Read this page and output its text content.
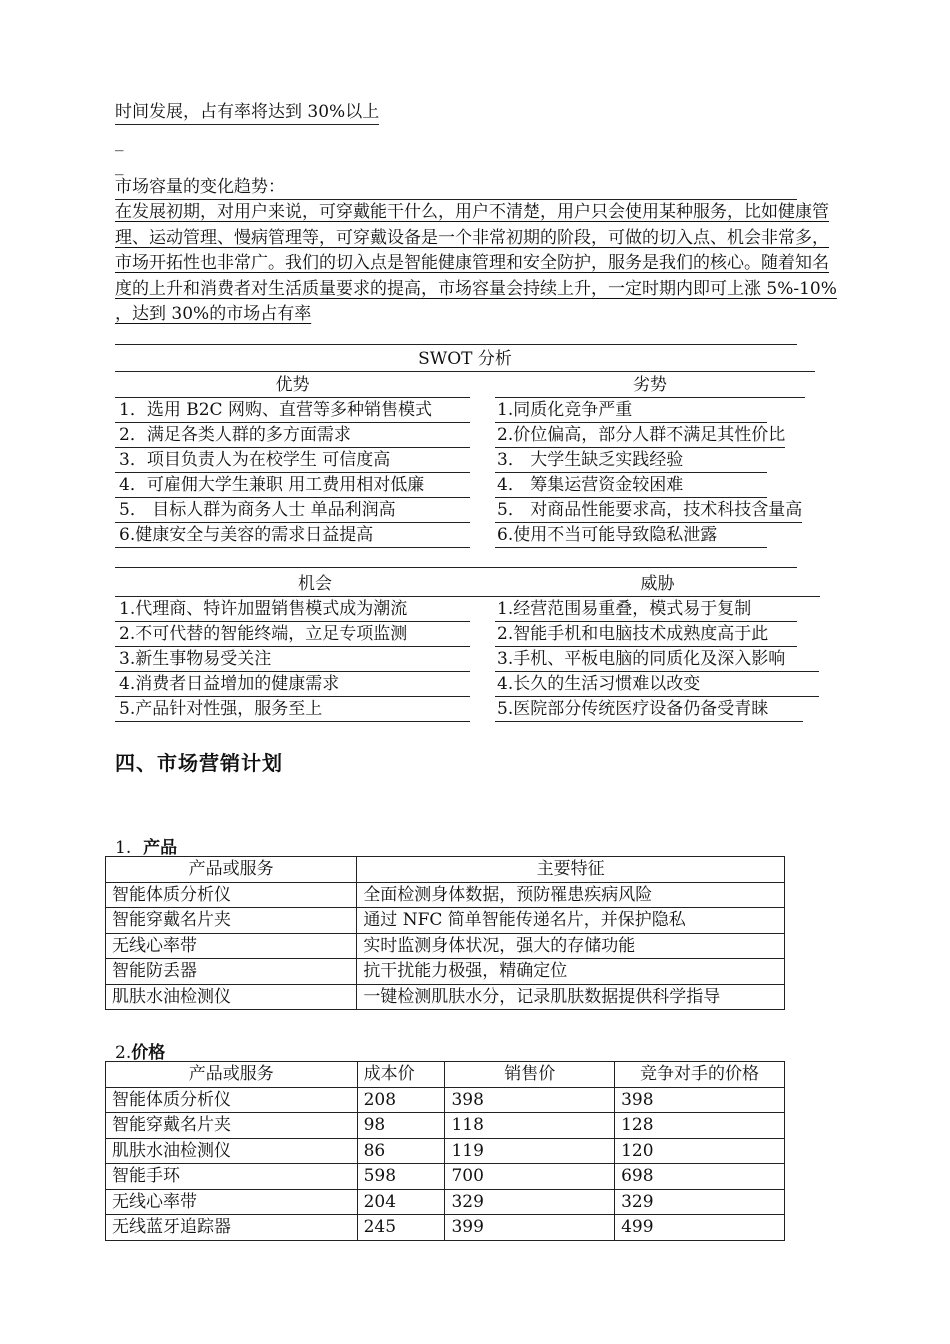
时间发展，占有率将达到 30%以上
_
_
市场容量的变化趋势：
在发展初期，对用户来说，可穿戴能干什么，用户不清楚，用户只会使用某种服务，比如健康管理、运动管理、慢病管理等，可穿戴设备是一个非常初期的阶段，可做的切入点、机会非常多，市场开拓性也非常广。我们的切入点是智能健康管理和安全防护，服务是我们的核心。随着知名度的上升和消费者对生活质量要求的提高，市场容量会持续上升，一定时期内即可上涨 5%-10% ，达到 30%的市场占有率
SWOT 分析
优势	劣势
1．选用 B2C 网购、直营等多种销售模式	1.同质化竞争严重
2．满足各类人群的多方面需求	2.价位偏高，部分人群不满足其性价比
3．项目负责人为在校学生 可信度高	3． 大学生缺乏实践经验
4．可雇佣大学生兼职 用工费用相对低廉	4． 筹集运营资金较困难
5． 目标人群为商务人士 单品利润高	5． 对商品性能要求高，技术科技含量高
6.健康安全与美容的需求日益提高	6.使用不当可能导致隐私泄露
机会	威胁
1.代理商、特许加盟销售模式成为潮流	1.经营范围易重叠，模式易于复制
2.不可代替的智能终端，立足专项监测	2.智能手机和电脑技术成熟度高于此
3.新生事物易受关注	3.手机、平板电脑的同质化及深入影响
4.消费者日益增加的健康需求	4.长久的生活习惯难以改变
5.产品针对性强，服务至上	5.医院部分传统医疗设备仍备受青睐
四、市场营销计划
1. 产品
产品或服务	主要特征
智能体质分析仪	全面检测身体数据，预防罹患疾病风险
智能穿戴名片夹	通过 NFC 简单智能传递名片，并保护隐私
无线心率带	实时监测身体状况，强大的存储功能
智能防丢器	抗干扰能力极强，精确定位
肌肤水油检测仪	一键检测肌肤水分，记录肌肤数据提供科学指导
2.价格
产品或服务	成本价	销售价	竞争对手的价格
智能体质分析仪	208	398	398
智能穿戴名片夹	98	118	128
肌肤水油检测仪	86	119	120
智能手环	598	700	698
无线心率带	204	329	329
无线蓝牙追踪器	245	399	499
